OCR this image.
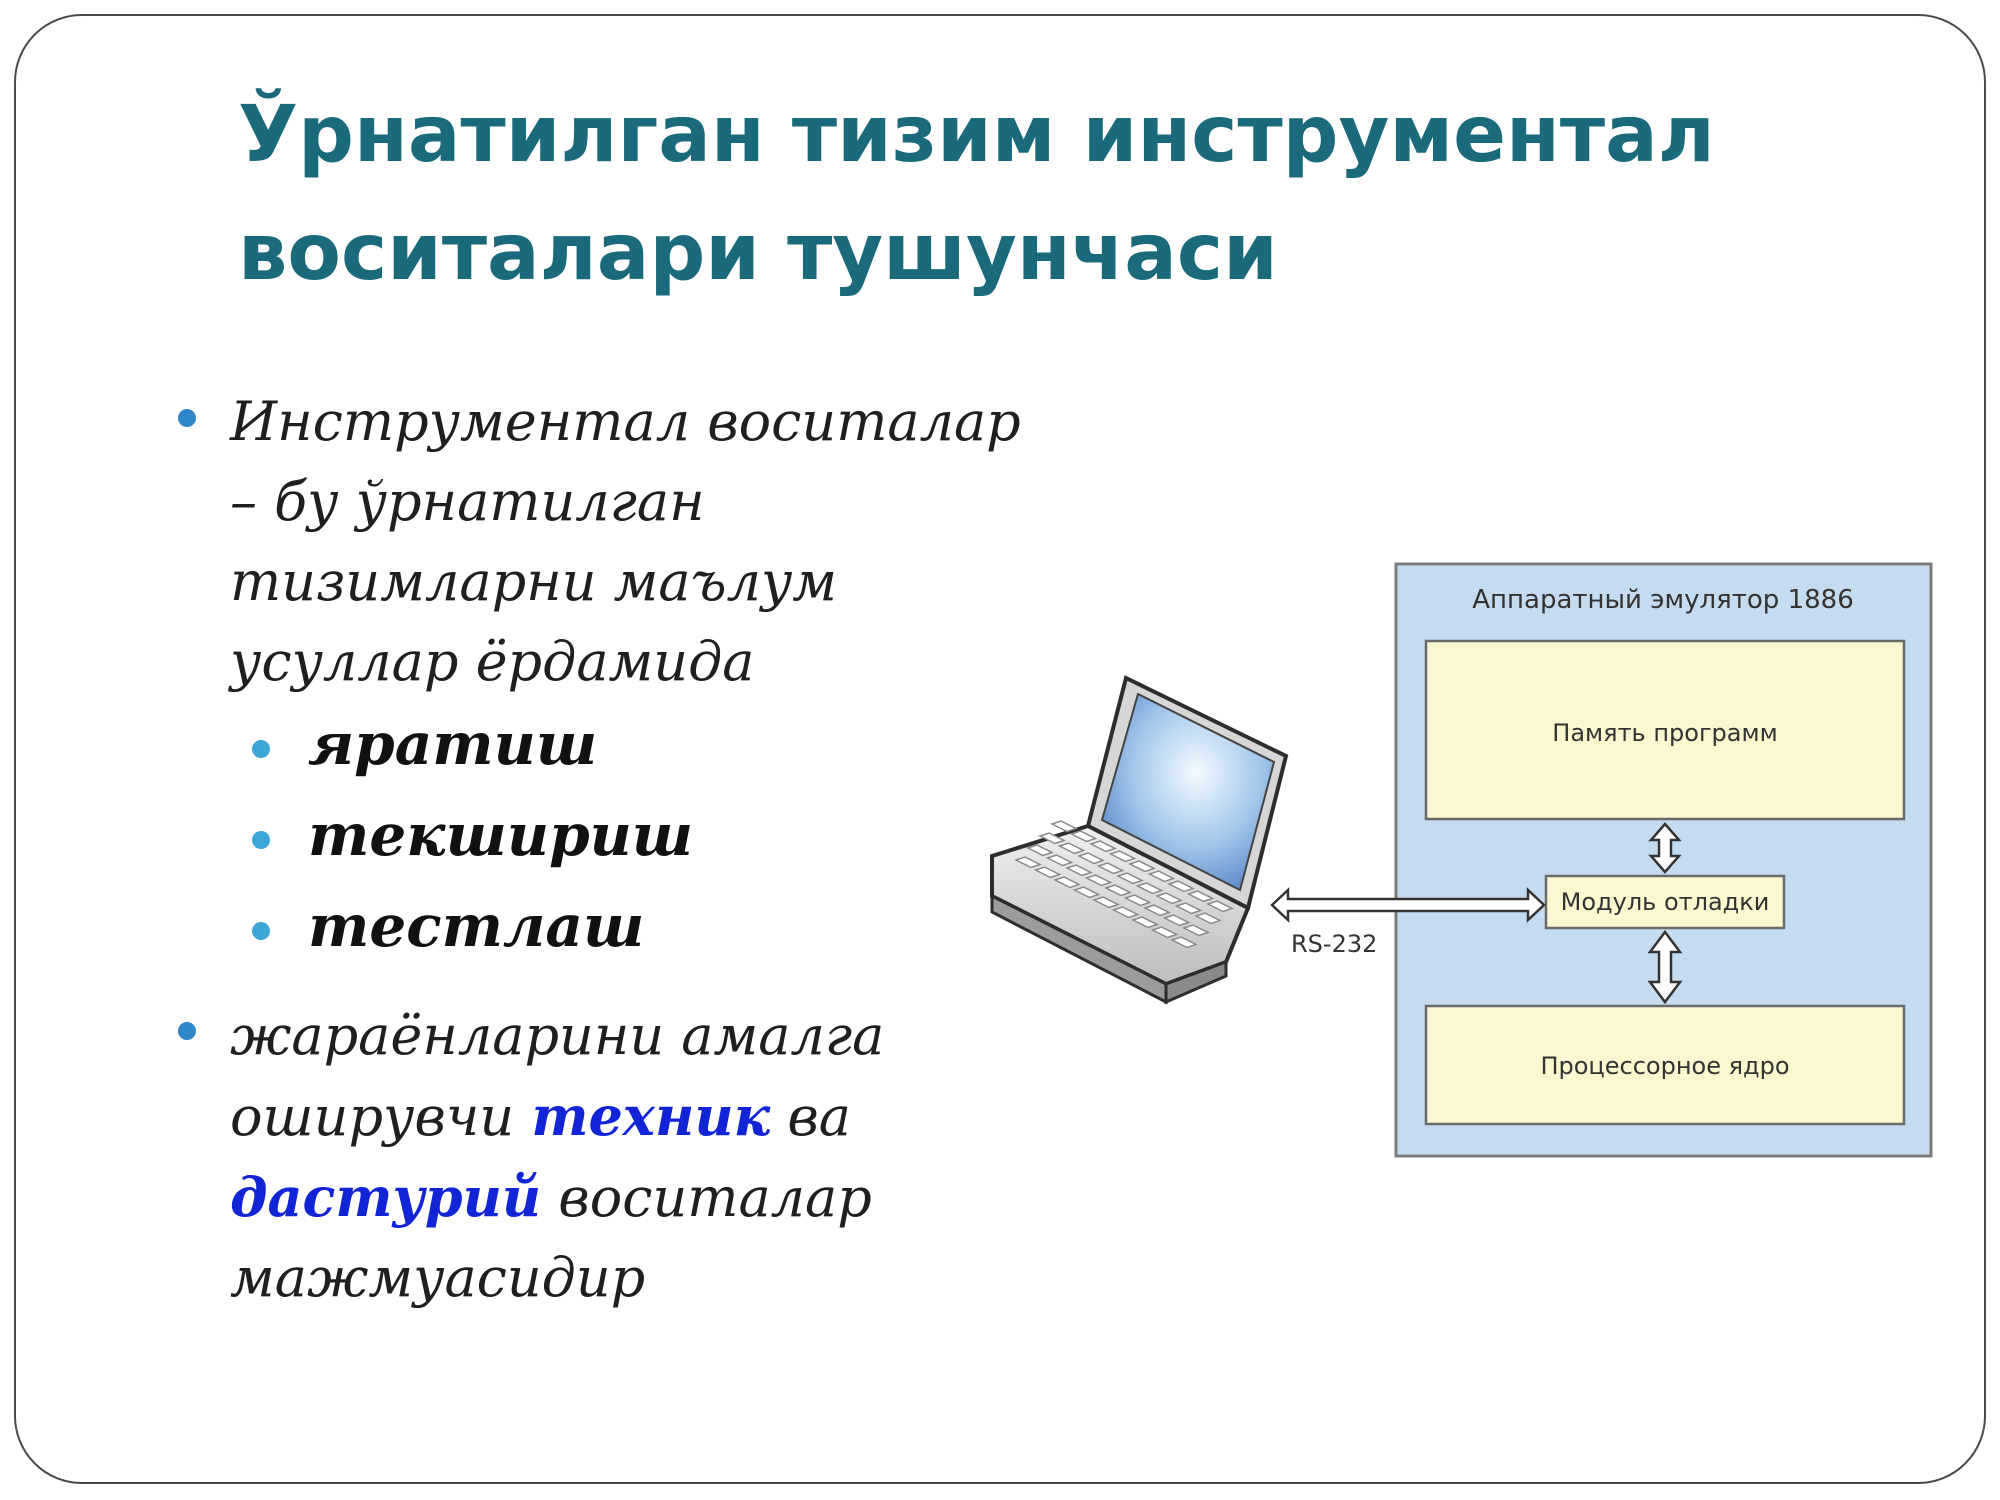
Ўрнатилган тизим инструментал
воситалари тушунчаси
Инструментал воситалар
– бу ўрнатилган
тизимларни маълум
усуллар ёрдамида
яратиш
текшириш
тестлаш
жараёнларини амалга
оширувчи техник ва
дастурий воситалар
мажмуасидир
Аппаратный эмулятор 1886
Память программ
Модуль отладки
Процессорное ядро
RS-232
